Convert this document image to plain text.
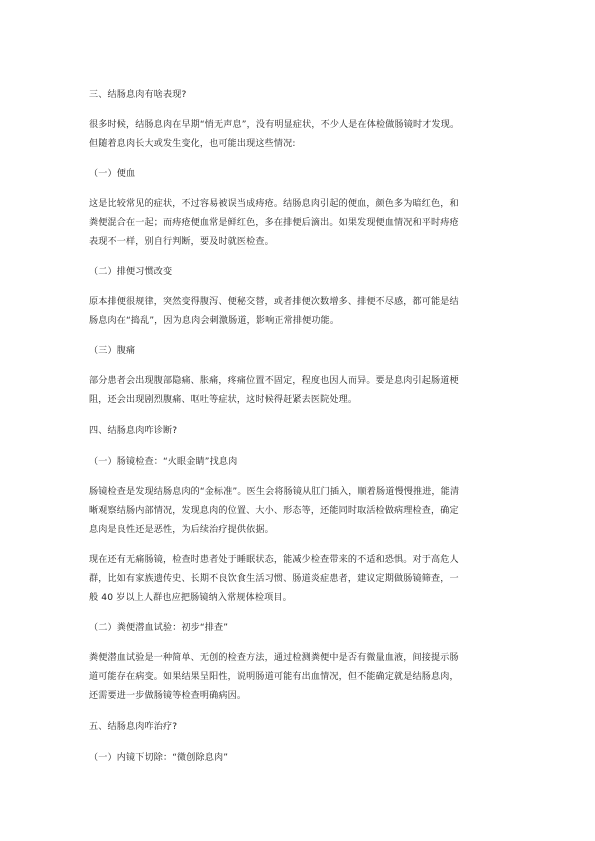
三、结肠息肉有啥表现?
很多时候，结肠息肉在早期“悄无声息”，没有明显症状，不少人是在体检做肠镜时才发现。
但随着息肉长大或发生变化，也可能出现这些情况:
（一）便血
这是比较常见的症状，不过容易被误当成痔疮。结肠息肉引起的便血，颜色多为暗红色，和
粪便混合在一起；而痔疮便血常是鲜红色，多在排便后滴出。如果发现便血情况和平时痔疮
表现不一样，别自行判断，要及时就医检查。
（二）排便习惯改变
原本排便很规律，突然变得腹泻、便秘交替，或者排便次数增多、排便不尽感，都可能是结
肠息肉在“捣乱”，因为息肉会刺激肠道，影响正常排便功能。
（三）腹痛
部分患者会出现腹部隐痛、胀痛，疼痛位置不固定，程度也因人而异。要是息肉引起肠道梗
阻，还会出现剧烈腹痛、呕吐等症状，这时候得赶紧去医院处理。
四、结肠息肉咋诊断?
（一）肠镜检查：“火眼金睛”找息肉
肠镜检查是发现结肠息肉的“金标准”。医生会将肠镜从肛门插入，顺着肠道慢慢推进，能清
晰观察结肠内部情况，发现息肉的位置、大小、形态等，还能同时取活检做病理检查，确定
息肉是良性还是恶性，为后续治疗提供依据。
现在还有无痛肠镜，检查时患者处于睡眠状态，能减少检查带来的不适和恐惧。对于高危人
群，比如有家族遗传史、长期不良饮食生活习惯、肠道炎症患者，建议定期做肠镜筛查，一
般 40 岁以上人群也应把肠镜纳入常规体检项目。
（二）粪便潜血试验：初步“排查”
粪便潜血试验是一种简单、无创的检查方法，通过检测粪便中是否有微量血液，间接提示肠
道可能存在病变。如果结果呈阳性，说明肠道可能有出血情况，但不能确定就是结肠息肉，
还需要进一步做肠镜等检查明确病因。
五、结肠息肉咋治疗?
（一）内镜下切除：“微创除息肉”
